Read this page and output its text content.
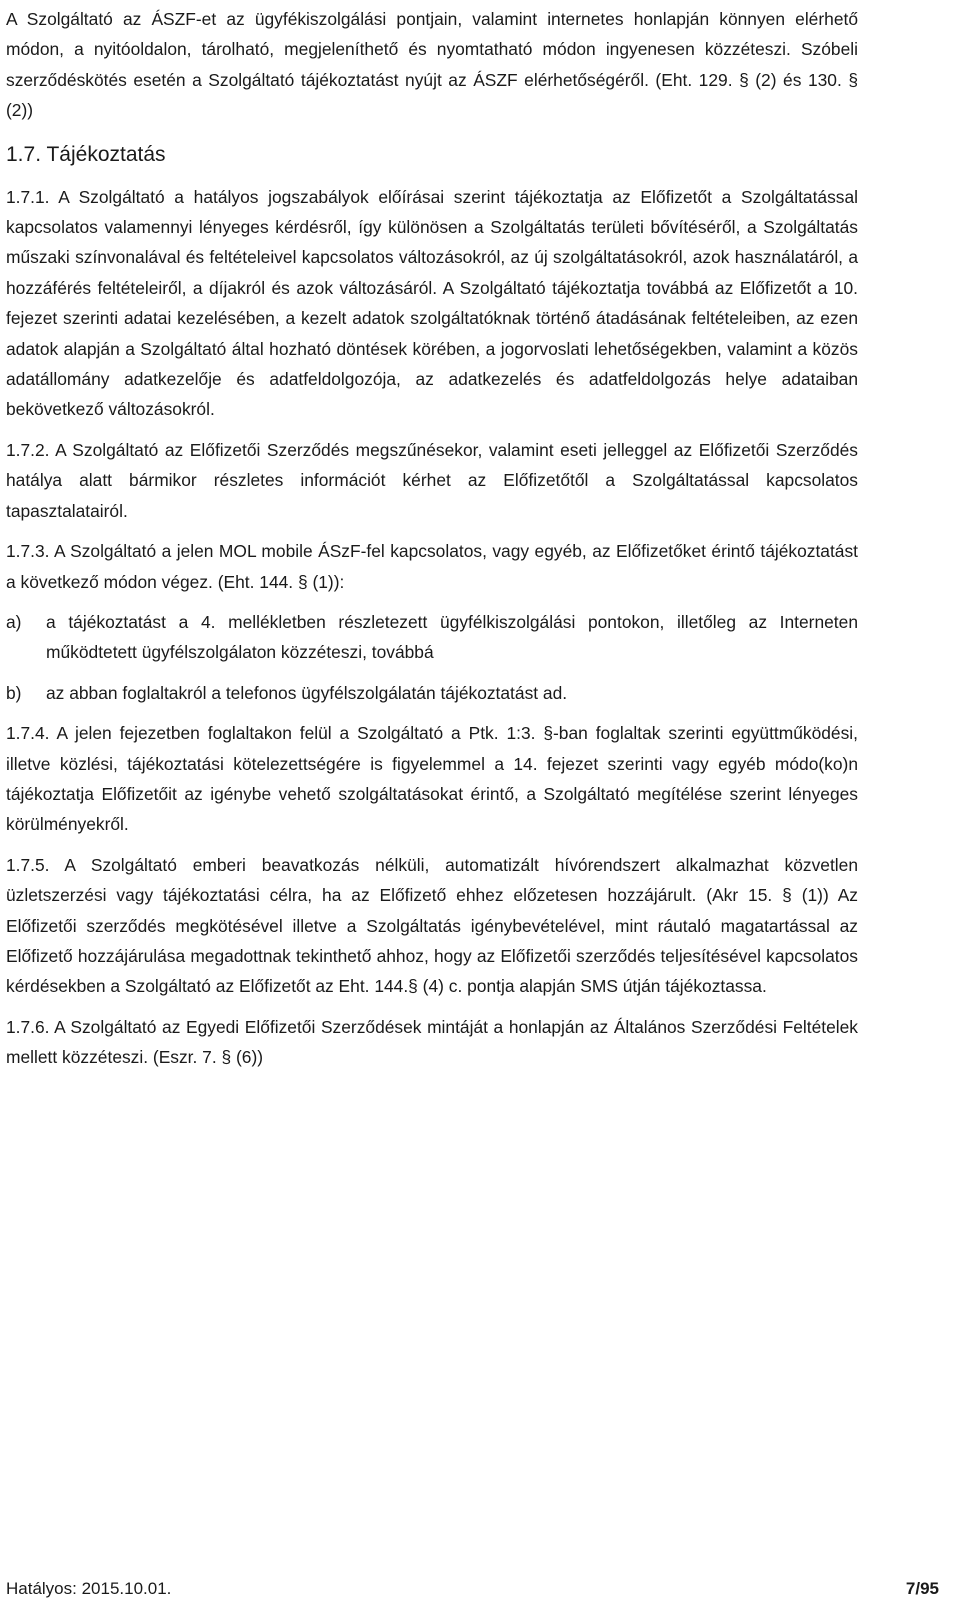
A Szolgáltató az ÁSZF-et az ügyfékiszolgálási pontjain, valamint internetes honlapján könnyen elérhető módon, a nyitóoldalon, tárolható, megjeleníthető és nyomtatható módon ingyenesen közzéteszi. Szóbeli szerződéskötés esetén a Szolgáltató tájékoztatást nyújt az ÁSZF elérhetőségéről. (Eht. 129. § (2) és 130. § (2))

1.7. Tájékoztatás

1.7.1. A Szolgáltató a hatályos jogszabályok előírásai szerint tájékoztatja az Előfizetőt a Szolgáltatással kapcsolatos valamennyi lényeges kérdésről, így különösen a Szolgáltatás területi bővítéséről, a Szolgáltatás műszaki színvonalával és feltételeivel kapcsolatos változásokról, az új szolgáltatásokról, azok használatáról, a hozzáférés feltételeiről, a díjakról és azok változásáról. A Szolgáltató tájékoztatja továbbá az Előfizetőt a 10. fejezet szerinti adatai kezelésében, a kezelt adatok szolgáltatóknak történő átadásának feltételeiben, az ezen adatok alapján a Szolgáltató által hozható döntések körében, a jogorvoslati lehetőségekben, valamint a közös adatállomány adatkezelője és adatfeldolgozója, az adatkezelés és adatfeldolgozás helye adataiban bekövetkező változásokról.

1.7.2. A Szolgáltató az Előfizetői Szerződés megszűnésekor, valamint eseti jelleggel az Előfizetői Szerződés hatálya alatt bármikor részletes információt kérhet az Előfizetőtől a Szolgáltatással kapcsolatos tapasztalatairól.

1.7.3. A Szolgáltató a jelen MOL mobile ÁSzF-fel kapcsolatos, vagy egyéb, az Előfizetőket érintő tájékoztatást a következő módon végez. (Eht. 144. § (1)):

a)	a tájékoztatást a 4. mellékletben részletezett ügyfélkiszolgálási pontokon, illetőleg az Interneten működtetett ügyfélszolgálaton közzéteszi, továbbá
b)	az abban foglaltakról a telefonos ügyfélszolgálatán tájékoztatást ad.

1.7.4. A jelen fejezetben foglaltakon felül a Szolgáltató a Ptk. 1:3. §-ban foglaltak szerinti együttműködési, illetve közlési, tájékoztatási kötelezettségére is figyelemmel a 14. fejezet szerinti vagy egyéb módo(ko)n tájékoztatja Előfizetőit az igénybe vehető szolgáltatásokat érintő, a Szolgáltató megítélése szerint lényeges körülményekről.

1.7.5. A Szolgáltató emberi beavatkozás nélküli, automatizált hívórendszert alkalmazhat közvetlen üzletszerzési vagy tájékoztatási célra, ha az Előfizető ehhez előzetesen hozzájárult. (Akr 15. § (1)) Az Előfizetői szerződés megkötésével illetve a Szolgáltatás igénybevételével, mint ráutaló magatartással az Előfizető hozzájárulása megadottnak tekinthető ahhoz, hogy az Előfizetői szerződés teljesítésével kapcsolatos kérdésekben a Szolgáltató az Előfizetőt az Eht. 144.§ (4) c. pontja alapján SMS útján tájékoztassa.

1.7.6. A Szolgáltató az Egyedi Előfizetői Szerződések mintáját a honlapján az Általános Szerződési Feltételek mellett közzéteszi. (Eszr. 7. § (6))

Hatályos: 2015.10.01.	7/95
